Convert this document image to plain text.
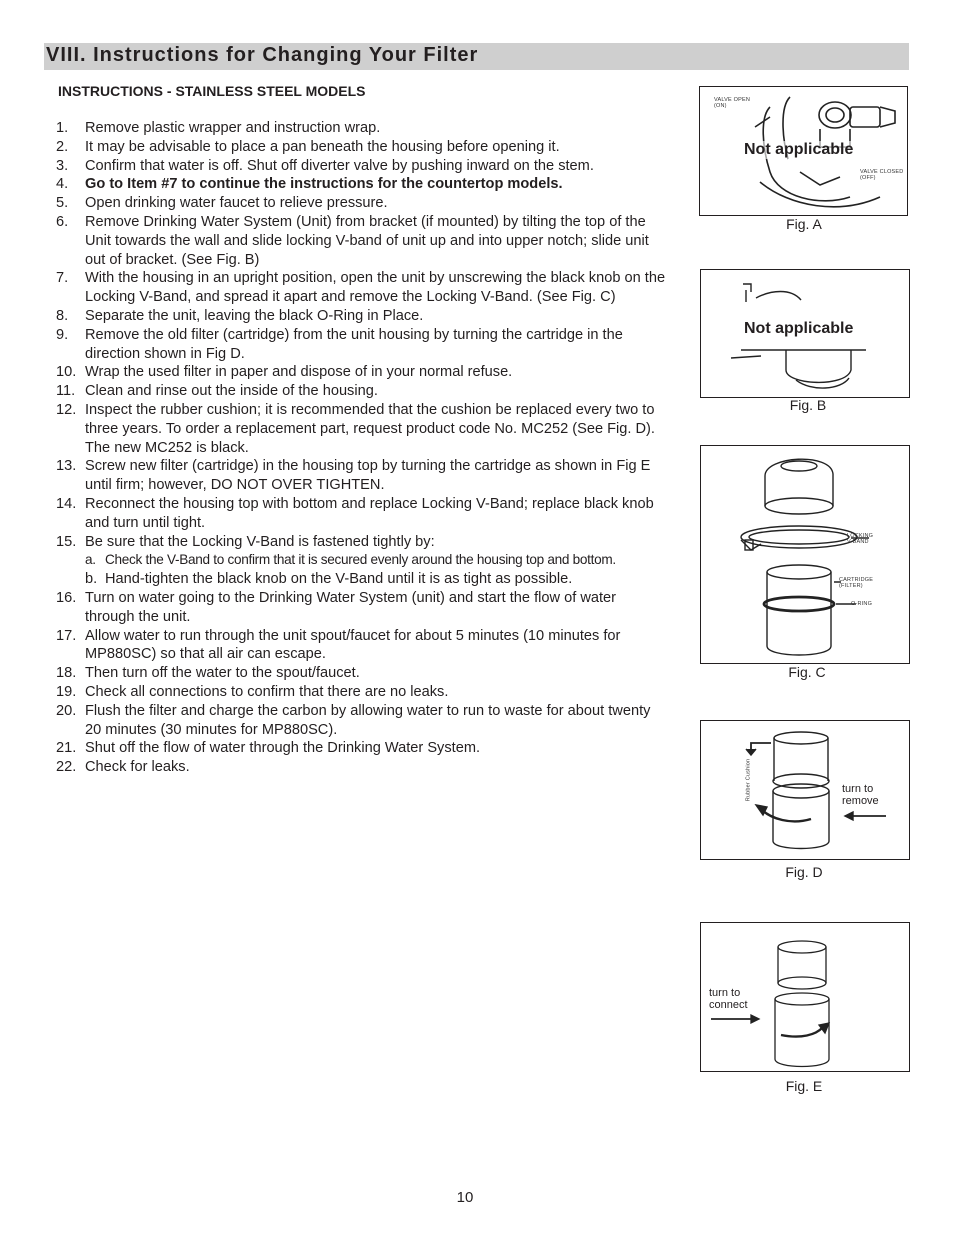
VIII. Instructions for Changing Your Filter
INSTRUCTIONS - STAINLESS STEEL MODELS
1. Remove plastic wrapper and instruction wrap.
2. It may be advisable to place a pan beneath the housing before opening it.
3. Confirm that water is off. Shut off diverter valve by pushing inward on the stem.
4. Go to Item #7 to continue the instructions for the countertop models.
5. Open drinking water faucet to relieve pressure.
6. Remove Drinking Water System (Unit) from bracket (if mounted) by tilting the top of the Unit towards the wall and slide locking V-band of unit up and into upper notch; slide unit out of bracket. (See Fig. B)
7. With the housing in an upright position, open the unit by unscrewing the black knob on the Locking V-Band, and spread it apart and remove the Locking V-Band. (See Fig. C)
8. Separate the unit, leaving the black O-Ring in Place.
9. Remove the old filter (cartridge) from the unit housing by turning the cartridge in the direction shown in Fig D.
10. Wrap the used filter in paper and dispose of in your normal refuse.
11. Clean and rinse out the inside of the housing.
12. Inspect the rubber cushion; it is recommended that the cushion be replaced every two to three years. To order a replacement part, request product code No. MC252 (See Fig. D). The new MC252 is black.
13. Screw new filter (cartridge) in the housing top by turning the cartridge as shown in Fig E until firm; however, DO NOT OVER TIGHTEN.
14. Reconnect the housing top with bottom and replace Locking V-Band; replace black knob and turn until tight.
15. Be sure that the Locking V-Band is fastened tightly by:
a. Check the V-Band to confirm that it is secured evenly around the housing top and bottom.
b. Hand-tighten the black knob on the V-Band until it is as tight as possible.
16. Turn on water going to the Drinking Water System (unit) and start the flow of water through the unit.
17. Allow water to run through the unit spout/faucet for about 5 minutes (10 minutes for MP880SC) so that all air can escape.
18. Then turn off the water to the spout/faucet.
19. Check all connections to confirm that there are no leaks.
20. Flush the filter and charge the carbon by allowing water to run to waste for about twenty 20 minutes (30 minutes for MP880SC).
21. Shut off the flow of water through the Drinking Water System.
22. Check for leaks.
VALVE OPEN (ON)
VALVE CLOSED (OFF)
Not applicable
Fig. A
Not applicable
Fig. B
LOCKING V-BAND
CARTRIDGE (FILTER)
O-RING
Fig. C
Rubber Cushion	turn to remove
Fig. D
turn to connect
Fig. E
10
